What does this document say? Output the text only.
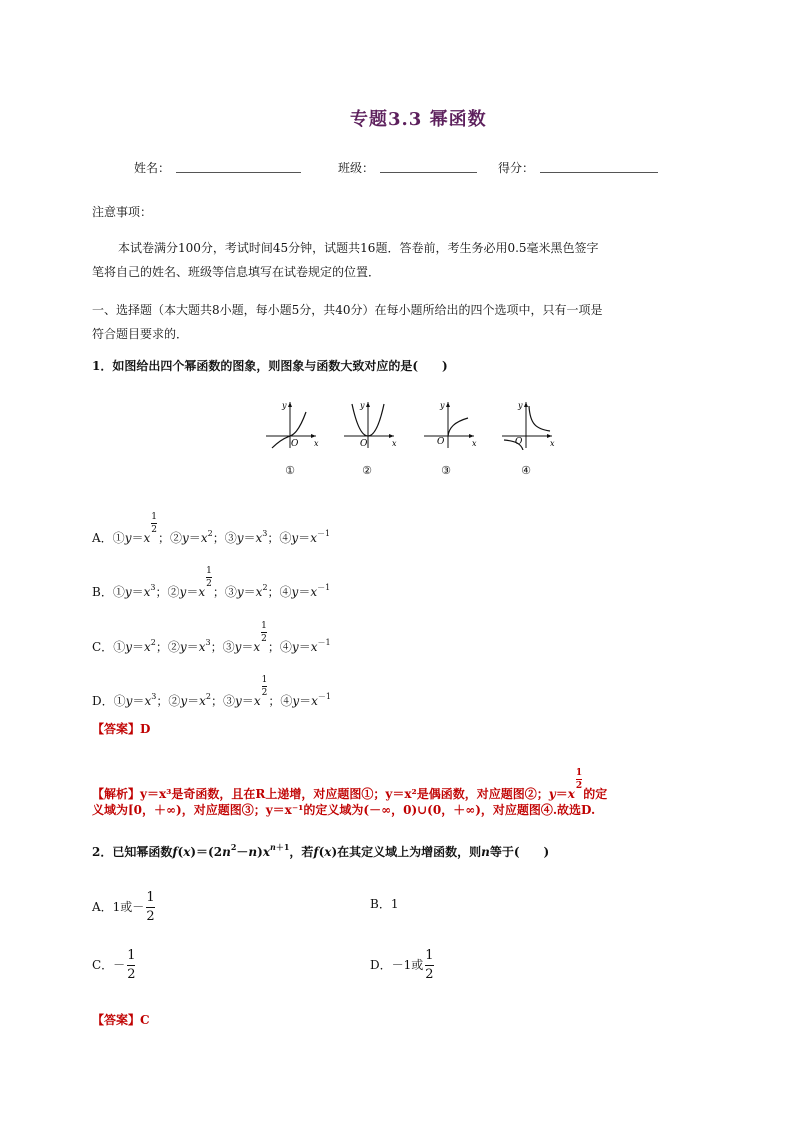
专题3.3 幂函数
姓名：	班级：	得分：
注意事项：
本试卷满分100分，考试时间45分钟，试题共16题．答卷前，考生务必用0.5毫米黑色签字
笔将自己的姓名、班级等信息填写在试卷规定的位置．
一、选择题（本大题共8小题，每小题5分，共40分）在每小题所给出的四个选项中，只有一项是
符合题目要求的．
1．如图给出四个幂函数的图象，则图象与函数大致对应的是(　　)
y
x
O
y
x
O
y
x
O
y
x
O
①	②	③	④
A．①y＝x
$\frac{1}{2}$
；$②y=x^2$；$③y=x^3$；$④y=x^{-1}$
B．$①y=x^3$；②y＝x
$\frac{1}{2}$
；$③y=x^2$；$④y=x^{-1}$
C．$①y=x^2$；$②y=x^3$；③y＝x
$\frac{1}{2}$
；$④y=x^{-1}$
D．$①y=x^3$；$②y=x^2$；③y＝x
$\frac{1}{2}$
；$④y=x^{-1}$
【答案】D
【解析】y＝x³是奇函数，且在R上递增，对应题图①；y＝x²是偶函数，对应题图②；y＝x
$\frac{1}{2}$
的定
义域为[0，＋∞)，对应题图③；y＝x⁻¹的定义域为(－∞，0)∪(0，＋∞)，对应题图④.故选D.
2．已知幂函数$f(x)=(2n^2-n)x^{n+1}$，若f(x)在其定义域上为增函数，则n等于(　　)
A．1或－ $\frac{1}{2}$	B．1
C．－ $\frac{1}{2}$	D．－1或 $\frac{1}{2}$
【答案】C
